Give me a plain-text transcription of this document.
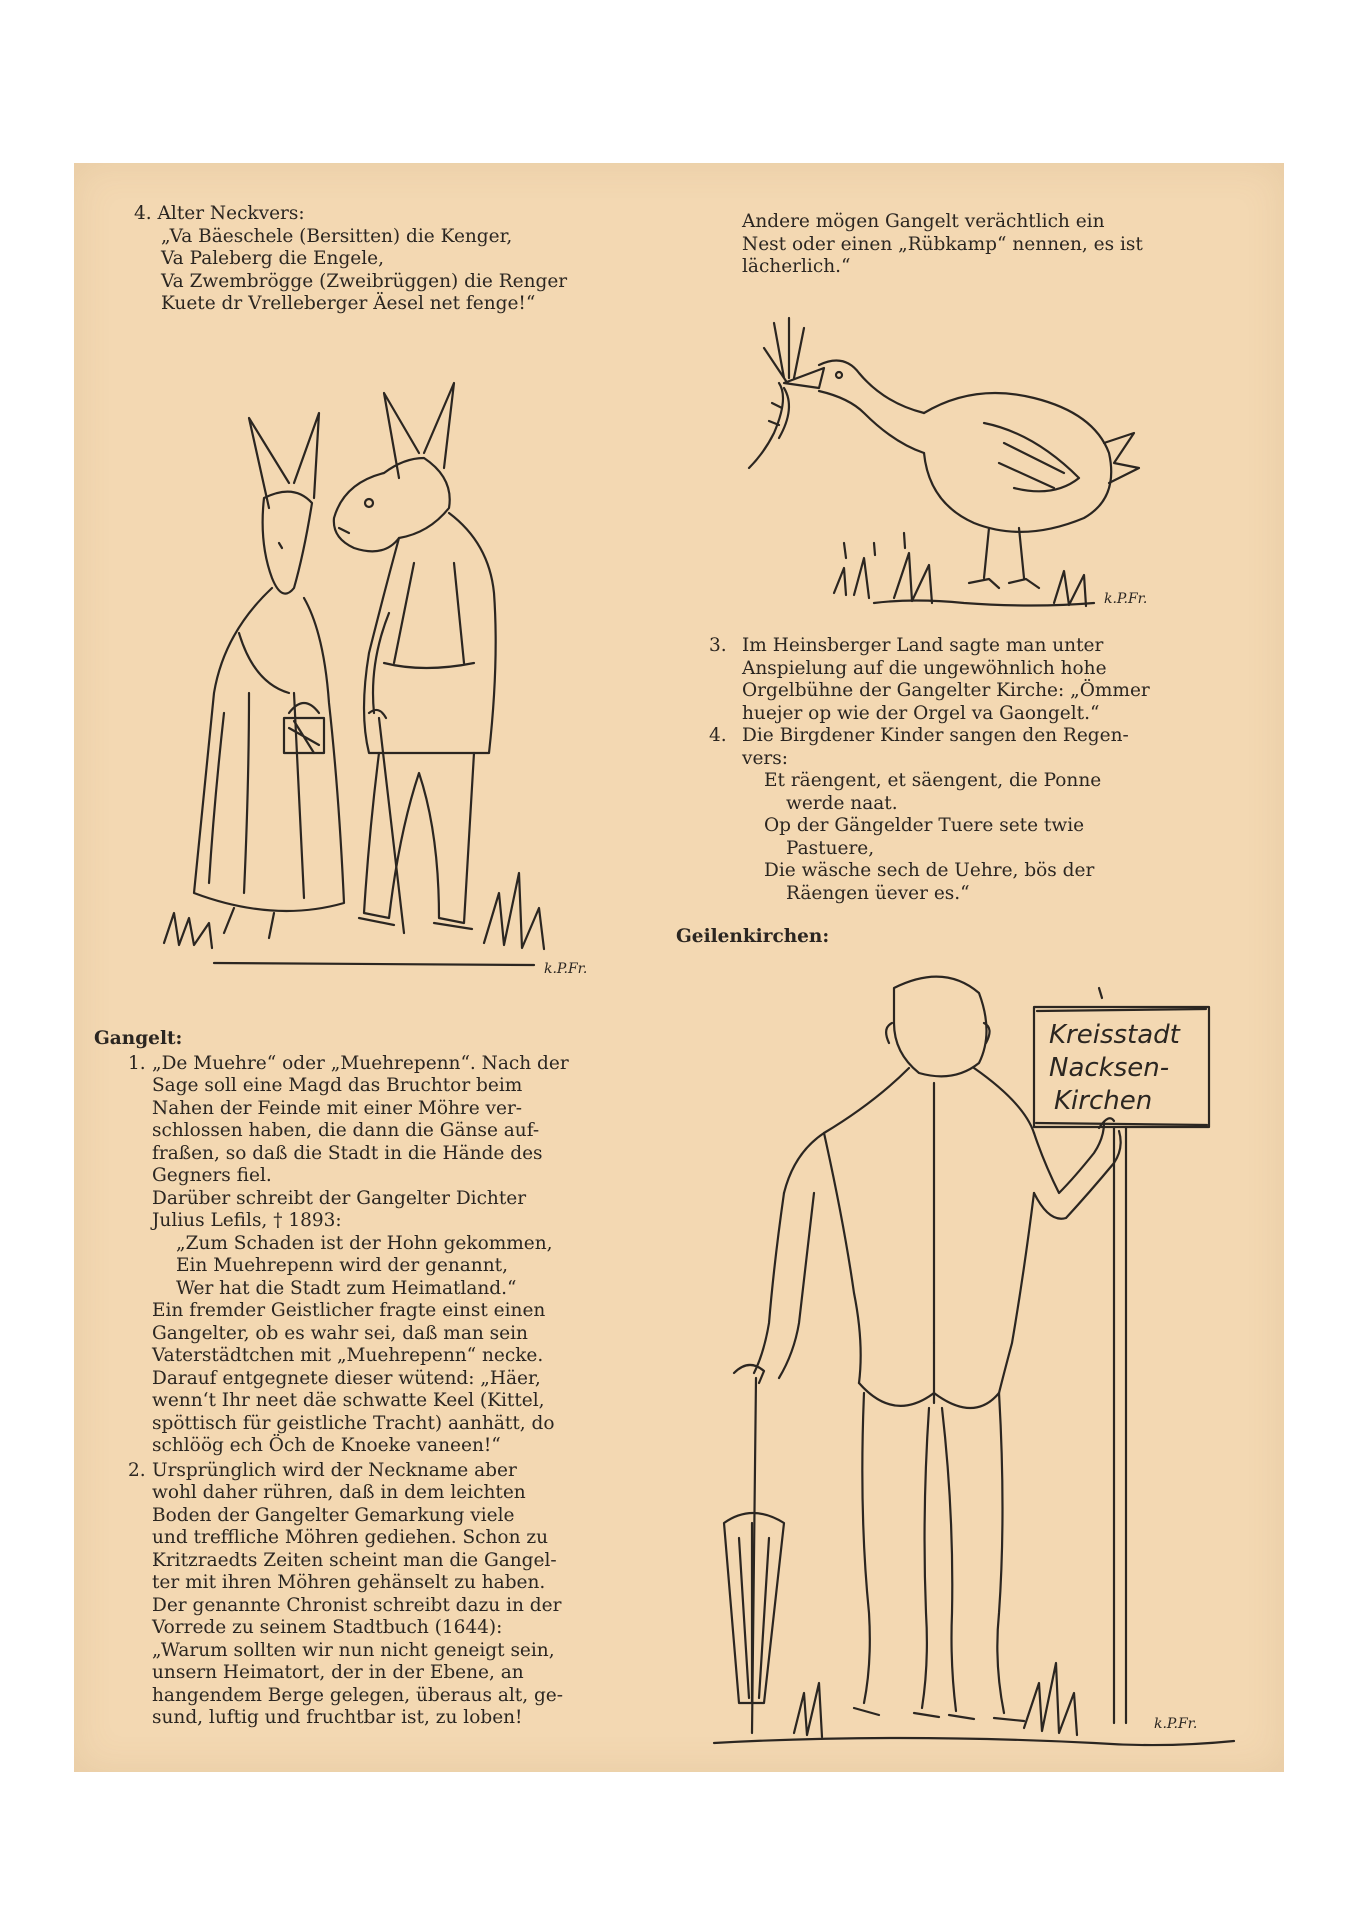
4. Alter Neckvers:
„Va Bäeschele (Bersitten) die Kenger,
Va Paleberg die Engele,
Va Zwembrögge (Zweibrüggen) die Renger
Kuete dr Vrelleberger Äesel net fenge!“
k.P.Fr.
Gangelt:
1. „De Muehre“ oder „Muehrepenn“. Nach der
Sage soll eine Magd das Bruchtor beim
Nahen der Feinde mit einer Möhre ver-
schlossen haben, die dann die Gänse auf-
fraßen, so daß die Stadt in die Hände des
Gegners fiel.
Darüber schreibt der Gangelter Dichter
Julius Lefils, † 1893:
„Zum Schaden ist der Hohn gekommen,
Ein Muehrepenn wird der genannt,
Wer hat die Stadt zum Heimatland.“
Ein fremder Geistlicher fragte einst einen
Gangelter, ob es wahr sei, daß man sein
Vaterstädtchen mit „Muehrepenn“ necke.
Darauf entgegnete dieser wütend: „Häer,
wenn‘t Ihr neet däe schwatte Keel (Kittel,
spöttisch für geistliche Tracht) aanhätt, do
schlöög ech Öch de Knoeke vaneen!“
2. Ursprünglich wird der Neckname aber
wohl daher rühren, daß in dem leichten
Boden der Gangelter Gemarkung viele
und treffliche Möhren gediehen. Schon zu
Kritzraedts Zeiten scheint man die Gangel-
ter mit ihren Möhren gehänselt zu haben.
Der genannte Chronist schreibt dazu in der
Vorrede zu seinem Stadtbuch (1644):
„Warum sollten wir nun nicht geneigt sein,
unsern Heimatort, der in der Ebene, an
hangendem Berge gelegen, überaus alt, ge-
sund, luftig und fruchtbar ist, zu loben!
Andere mögen Gangelt verächtlich ein
Nest oder einen „Rübkamp“ nennen, es ist
lächerlich.“
k.P.Fr.
3. Im Heinsberger Land sagte man unter
Anspielung auf die ungewöhnlich hohe
Orgelbühne der Gangelter Kirche: „Ömmer
huejer op wie der Orgel va Gaongelt.“
4. Die Birgdener Kinder sangen den Regen-
vers:
Et räengent, et säengent, die Ponne
werde naat.
Op der Gängelder Tuere sete twie
Pastuere,
Die wäsche sech de Uehre, bös der
Räengen üever es.“
Geilenkirchen:
Kreisstadt
Nacksen-
Kirchen
k.P.Fr.
